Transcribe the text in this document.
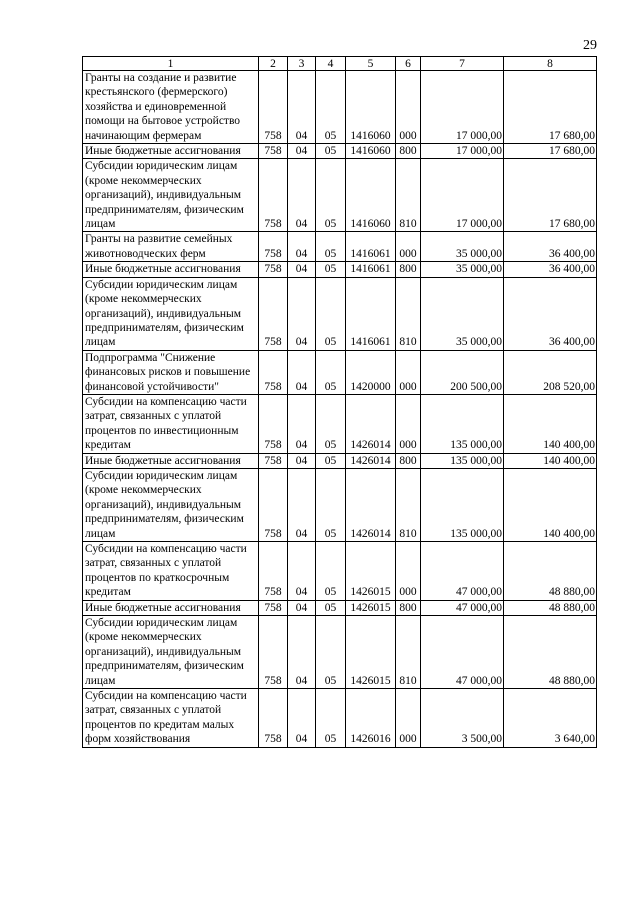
29
1	2	3	4	5	6	7	8
Гранты на создание и развитие крестьянского (фермерского) хозяйства и единовременной помощи на бытовое устройство начинающим фермерам	758	04	05	1416060	000	17 000,00	17 680,00
Иные бюджетные ассигнования	758	04	05	1416060	800	17 000,00	17 680,00
Субсидии юридическим лицам (кроме некоммерческих организаций), индивидуальным предпринимателям, физическим лицам	758	04	05	1416060	810	17 000,00	17 680,00
Гранты на развитие семейных животноводческих ферм	758	04	05	1416061	000	35 000,00	36 400,00
Иные бюджетные ассигнования	758	04	05	1416061	800	35 000,00	36 400,00
Субсидии юридическим лицам (кроме некоммерческих организаций), индивидуальным предпринимателям, физическим лицам	758	04	05	1416061	810	35 000,00	36 400,00
Подпрограмма "Снижение финансовых рисков и повышение финансовой устойчивости"	758	04	05	1420000	000	200 500,00	208 520,00
Субсидии на компенсацию части затрат, связанных с уплатой процентов по инвестиционным кредитам	758	04	05	1426014	000	135 000,00	140 400,00
Иные бюджетные ассигнования	758	04	05	1426014	800	135 000,00	140 400,00
Субсидии юридическим лицам (кроме некоммерческих организаций), индивидуальным предпринимателям, физическим лицам	758	04	05	1426014	810	135 000,00	140 400,00
Субсидии на компенсацию части затрат, связанных с уплатой процентов по краткосрочным кредитам	758	04	05	1426015	000	47 000,00	48 880,00
Иные бюджетные ассигнования	758	04	05	1426015	800	47 000,00	48 880,00
Субсидии юридическим лицам (кроме некоммерческих организаций), индивидуальным предпринимателям, физическим лицам	758	04	05	1426015	810	47 000,00	48 880,00
Субсидии на компенсацию части затрат, связанных с уплатой процентов по кредитам малых форм хозяйствования	758	04	05	1426016	000	3 500,00	3 640,00
